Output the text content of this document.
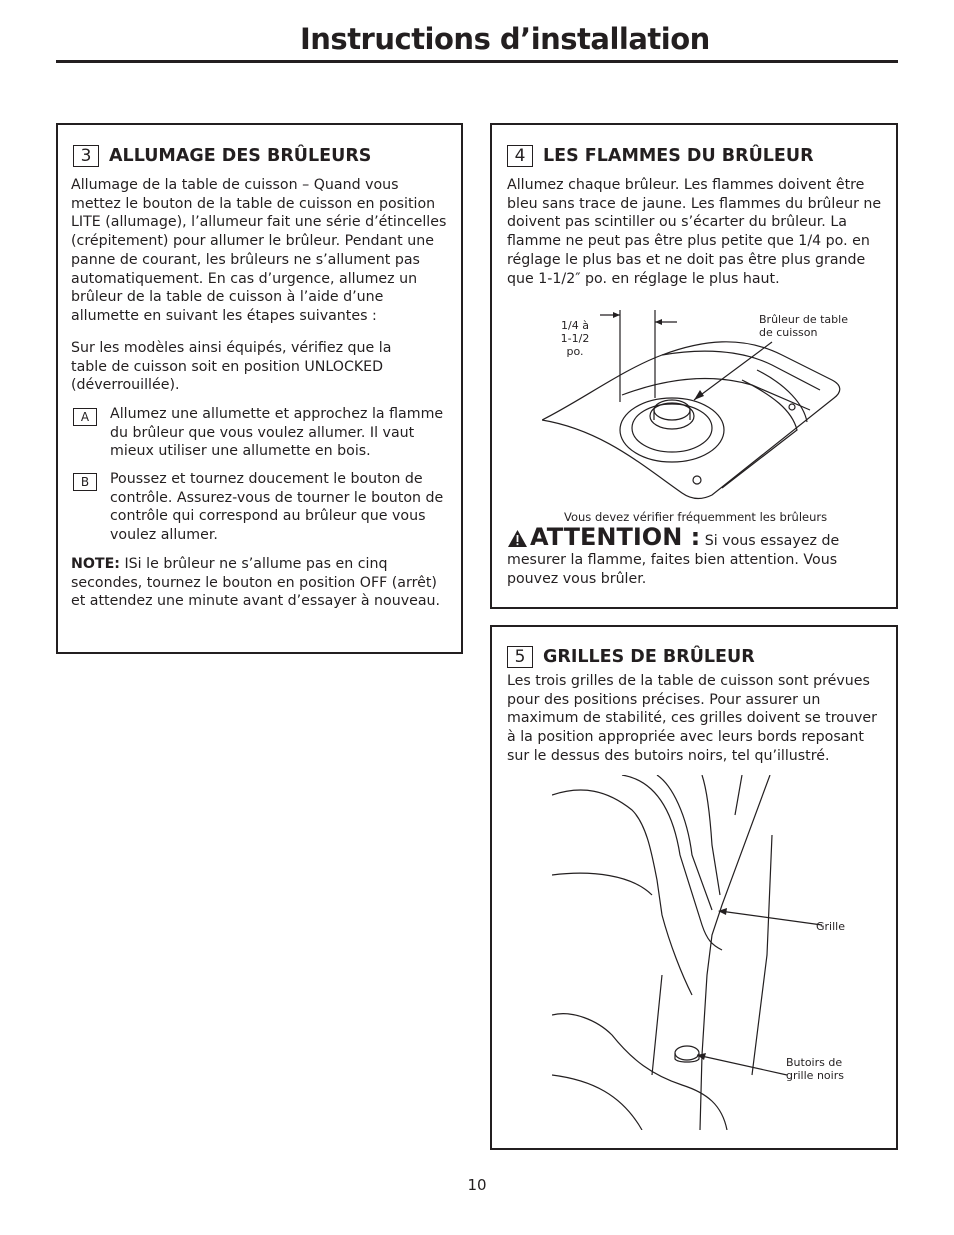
Instructions d’installation
3	ALLUMAGE DES BRÛLEURS

Allumage de la table de cuisson – Quand vous mettez le bouton de la table de cuisson en position LITE (allumage), l’allumeur fait une série d’étincelles (crépitement) pour allumer le brûleur. Pendant une panne de courant, les brûleurs ne s’allument pas automatiquement. En cas d’urgence, allumez un brûleur de la table de cuisson à l’aide d’une allumette en suivant les étapes suivantes :

Sur les modèles ainsi équipés, vérifiez que la table de cuisson soit en position UNLOCKED (déverrouillée).

A	Allumez une allumette et approchez la flamme du brûleur que vous voulez allumer. Il vaut mieux utiliser une allumette en bois.
B	Poussez et tournez doucement le bouton de contrôle. Assurez-vous de tourner le bouton de contrôle qui correspond au brûleur que vous voulez allumer.

NOTE: ISi le brûleur ne s’allume pas en cinq secondes, tournez le bouton en position OFF (arrêt) et attendez une minute avant d’essayer à nouveau.

4	LES FLAMMES DU BRÛLEUR

Allumez chaque brûleur. Les flammes doivent être bleu sans trace de jaune. Les flammes du brûleur ne doivent pas scintiller ou s’écarter du brûleur. La flamme ne peut pas être plus petite que 1/4 po. en réglage le plus bas et ne doit pas être plus grande que 1-1/2″ po. en réglage le plus haut.

1/4 à 1-1/2 po.
Brûleur de table de cuisson
Vous devez vérifier fréquemment les brûleurs
ATTENTION : Si vous essayez de mesurer la flamme, faites bien attention. Vous pouvez vous brûler.
5	GRILLES DE BRÛLEUR

Les trois grilles de la table de cuisson sont prévues pour des positions précises. Pour assurer un maximum de stabilité, ces grilles doivent se trouver à la position appropriée avec leurs bords reposant sur le dessus des butoirs noirs, tel qu’illustré.

Grille
Butoirs de grille noirs
10
